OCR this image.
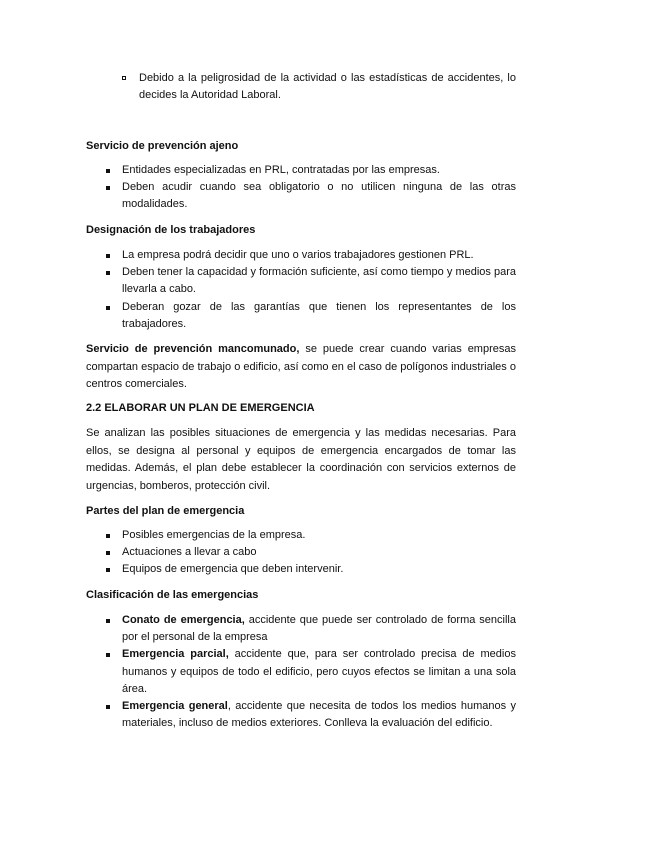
Debido a la peligrosidad de la actividad o las estadísticas de accidentes, lo decides la Autoridad Laboral.

Servicio de prevención ajeno

Entidades especializadas en PRL, contratadas por las empresas.
Deben acudir cuando sea obligatorio o no utilicen ninguna de las otras modalidades.

Designación de los trabajadores

La empresa podrá decidir que uno o varios trabajadores gestionen PRL.
Deben tener la capacidad y formación suficiente, así como tiempo y medios para llevarla a cabo.
Deberan gozar de las garantías que tienen los representantes de los trabajadores.

Servicio de prevención mancomunado, se puede crear cuando varias empresas compartan espacio de trabajo o edificio, así como en el caso de polígonos industriales o centros comerciales.

2.2 ELABORAR UN PLAN DE EMERGENCIA

Se analizan las posibles situaciones de emergencia y las medidas necesarias. Para ellos, se designa al personal y equipos de emergencia encargados de tomar las medidas. Además, el plan debe establecer la coordinación con servicios externos de urgencias, bomberos, protección civil.

Partes del plan de emergencia

Posibles emergencias de la empresa.
Actuaciones a llevar a cabo
Equipos de emergencia que deben intervenir.

Clasificación de las emergencias

Conato de emergencia, accidente que puede ser controlado de forma sencilla por el personal de la empresa
Emergencia parcial, accidente que, para ser controlado precisa de medios humanos y equipos de todo el edificio, pero cuyos efectos se limitan a una sola área.
Emergencia general, accidente que necesita de todos los medios humanos y materiales, incluso de medios exteriores. Conlleva la evaluación del edificio.
